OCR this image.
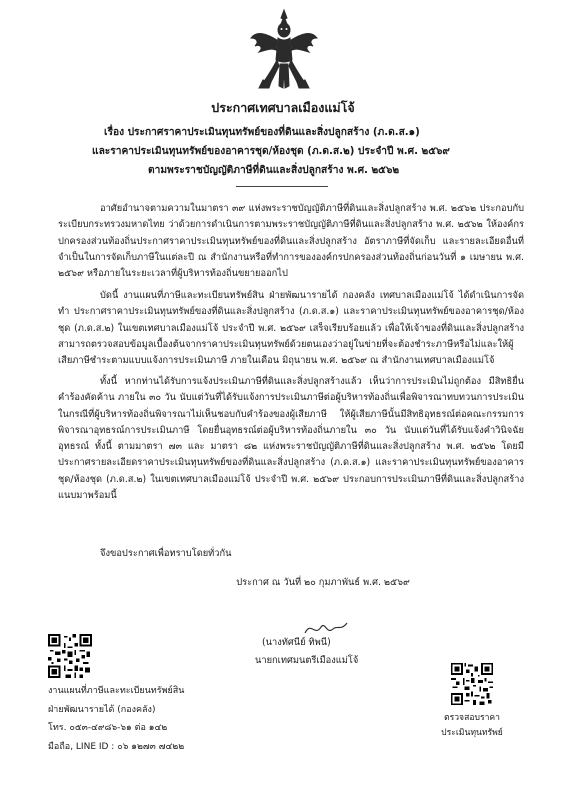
ประกาศเทศบาลเมืองแม่โจ้
เรื่อง ประกาศราคาประเมินทุนทรัพย์ของที่ดินและสิ่งปลูกสร้าง (ภ.ด.ส.๑)
และราคาประเมินทุนทรัพย์ของอาคารชุด/ห้องชุด (ภ.ด.ส.๒) ประจำปี พ.ศ. ๒๕๖๙
ตามพระราชบัญญัติภาษีที่ดินและสิ่งปลูกสร้าง พ.ศ. ๒๕๖๒
อาศัยอำนาจตามความในมาตรา ๓๙ แห่งพระราชบัญญัติภาษีที่ดินและสิ่งปลูกสร้าง พ.ศ. ๒๕๖๒ ประกอบกับระเบียบกระทรวงมหาดไทย ว่าด้วยการดำเนินการตามพระราชบัญญัติภาษีที่ดินและสิ่งปลูกสร้าง พ.ศ. ๒๕๖๒ ให้องค์กรปกครองส่วนท้องถิ่นประกาศราคาประเมินทุนทรัพย์ของที่ดินและสิ่งปลูกสร้าง อัตราภาษีที่จัดเก็บ และรายละเอียดอื่นที่จำเป็นในการจัดเก็บภาษีในแต่ละปี ณ สำนักงานหรือที่ทำการขององค์กรปกครองส่วนท้องถิ่นก่อนวันที่ ๑ เมษายน พ.ศ. ๒๕๖๙ หรือภายในระยะเวลาที่ผู้บริหารท้องถิ่นขยายออกไป
บัดนี้ งานแผนที่ภาษีและทะเบียนทรัพย์สิน ฝ่ายพัฒนารายได้ กองคลัง เทศบาลเมืองแม่โจ้ ได้ดำเนินการจัดทำ ประกาศราคาประเมินทุนทรัพย์ของที่ดินและสิ่งปลูกสร้าง (ภ.ด.ส.๑) และราคาประเมินทุนทรัพย์ของอาคารชุด/ห้องชุด (ภ.ด.ส.๒) ในเขตเทศบาลเมืองแม่โจ้ ประจำปี พ.ศ. ๒๕๖๙ เสร็จเรียบร้อยแล้ว เพื่อให้เจ้าของที่ดินและสิ่งปลูกสร้างสามารถตรวจสอบข้อมูลเบื้องต้นจากราคาประเมินทุนทรัพย์ด้วยตนเองว่าอยู่ในข่ายที่จะต้องชำระภาษีหรือไม่และให้ผู้เสียภาษีชำระตามแบบแจ้งการประเมินภาษี ภายในเดือน มิถุนายน พ.ศ. ๒๕๖๙ ณ สำนักงานเทศบาลเมืองแม่โจ้
ทั้งนี้ หากท่านได้รับการแจ้งประเมินภาษีที่ดินและสิ่งปลูกสร้างแล้ว เห็นว่าการประเมินไม่ถูกต้อง มีสิทธิยื่นคำร้องคัดค้าน ภายใน ๓๐ วัน นับแต่วันที่ได้รับแจ้งการประเมินภาษีต่อผู้บริหารท้องถิ่นเพื่อพิจารณาทบทวนการประเมิน ในกรณีที่ผู้บริหารท้องถิ่นพิจารณาไม่เห็นชอบกับคำร้องของผู้เสียภาษี ให้ผู้เสียภาษีนั้นมีสิทธิอุทธรณ์ต่อคณะกรรมการพิจารณาอุทธรณ์การประเมินภาษี โดยยื่นอุทธรณ์ต่อผู้บริหารท้องถิ่นภายใน ๓๐ วัน นับแต่วันที่ได้รับแจ้งคำวินิจฉัยอุทธรณ์ ทั้งนี้ ตามมาตรา ๗๓ และ มาตรา ๘๒ แห่งพระราชบัญญัติภาษีที่ดินและสิ่งปลูกสร้าง พ.ศ. ๒๕๖๒ โดยมีประกาศรายละเอียดราคาประเมินทุนทรัพย์ของที่ดินและสิ่งปลูกสร้าง (ภ.ด.ส.๑) และราคาประเมินทุนทรัพย์ของอาคารชุด/ห้องชุด (ภ.ด.ส.๒) ในเขตเทศบาลเมืองแม่โจ้ ประจำปี พ.ศ. ๒๕๖๙ ประกอบการประเมินภาษีที่ดินและสิ่งปลูกสร้าง แนบมาพร้อมนี้
จึงขอประกาศเพื่อทราบโดยทั่วกัน
ประกาศ ณ วันที่ ๒๐ กุมภาพันธ์ พ.ศ. ๒๕๖๙
(นางทัศนีย์ ทิพนี)
นายกเทศมนตรีเมืองแม่โจ้
งานแผนที่ภาษีและทะเบียนทรัพย์สิน
ฝ่ายพัฒนารายได้ (กองคลัง)
โทร. ๐๕๓-๔๙๘๖-๖๑ ต่อ ๑๔๒
มือถือ, LINE ID : ๐๖ ๑๒๗๓ ๗๔๒๒
ตรวจสอบราคา
ประเมินทุนทรัพย์
